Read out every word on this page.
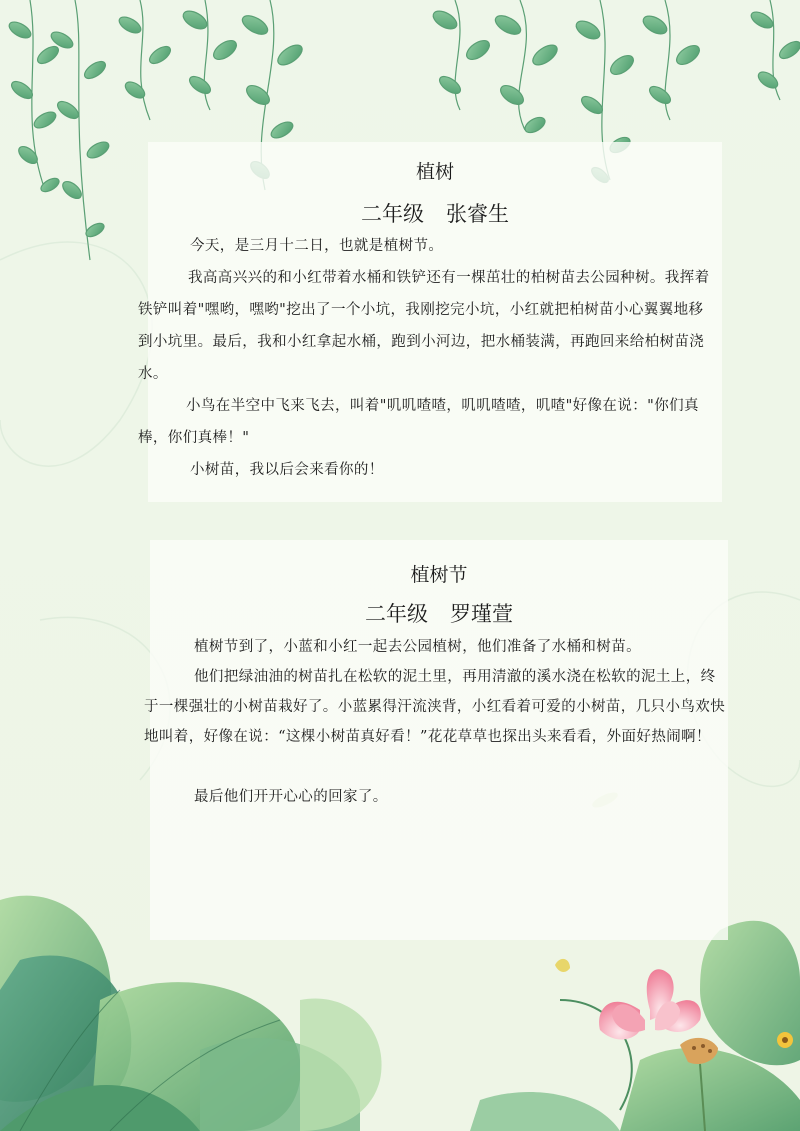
植树
二年级 张睿生

今天，是三月十二日，也就是植树节。

我高高兴兴的和小红带着水桶和铁铲还有一棵茁壮的柏树苗去公园种树。我挥着铁铲叫着"嘿哟，嘿哟"挖出了一个小坑，我刚挖完小坑，小红就把柏树苗小心翼翼地移到小坑里。最后，我和小红拿起水桶，跑到小河边，把水桶装满，再跑回来给柏树苗浇水。

小鸟在半空中飞来飞去，叫着"叽叽喳喳，叽叽喳喳，叽喳"好像在说："你们真棒，你们真棒！"

小树苗，我以后会来看你的！

植树节
二年级 罗瑾萱

植树节到了，小蓝和小红一起去公园植树，他们准备了水桶和树苗。

他们把绿油油的树苗扎在松软的泥土里，再用清澈的溪水浇在松软的泥土上，终于一棵强壮的小树苗栽好了。小蓝累得汗流浃背，小红看着可爱的小树苗，几只小鸟欢快地叫着，好像在说：“这棵小树苗真好看！”花花草草也探出头来看看，外面好热闹啊！

最后他们开开心心的回家了。
